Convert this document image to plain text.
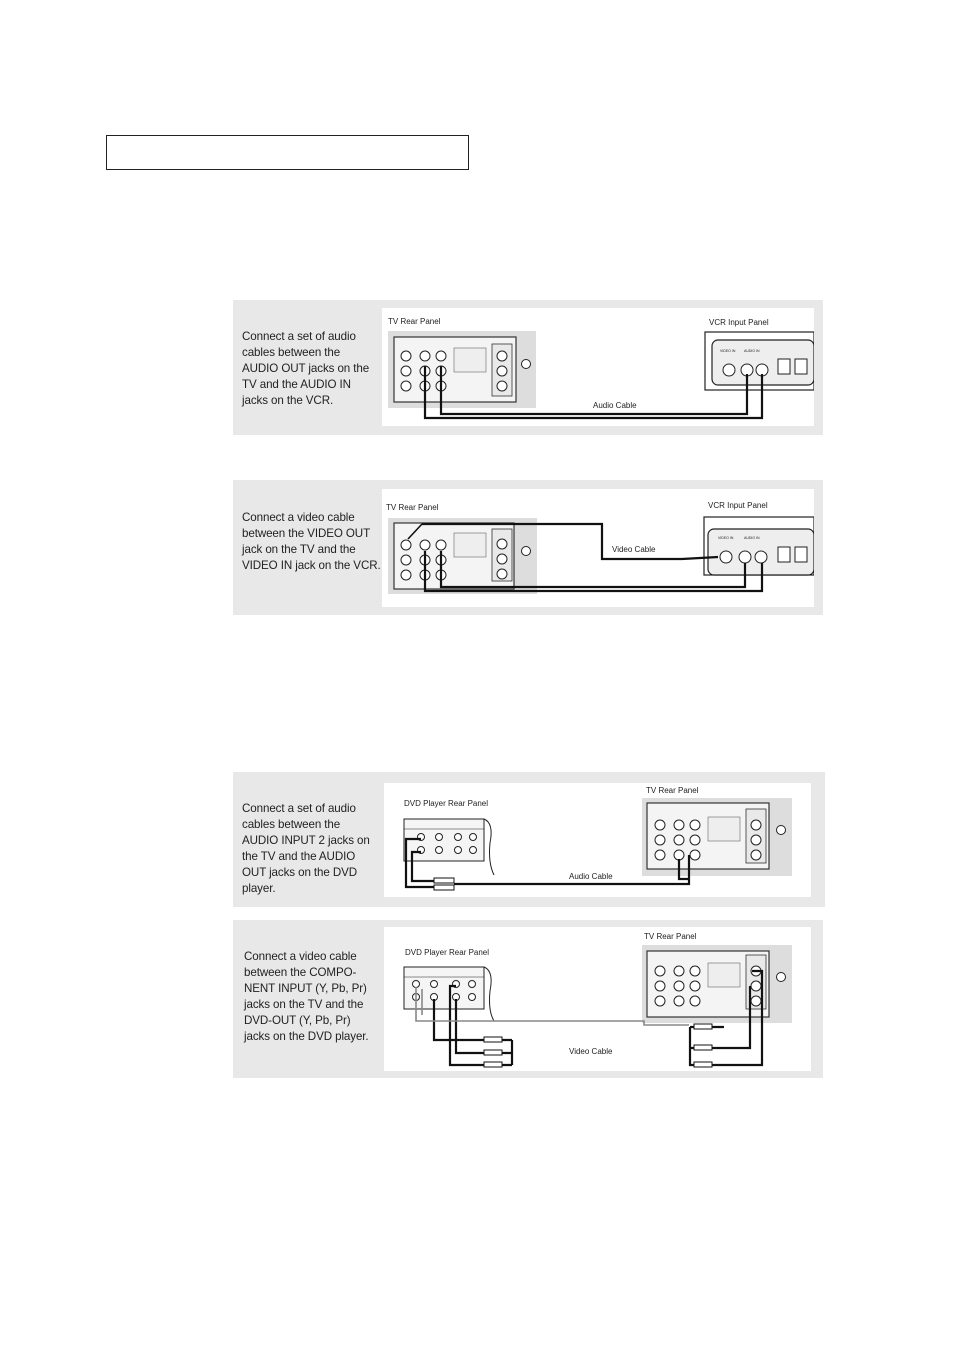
Connect a set of audio cables between the AUDIO OUT jacks on the TV and the AUDIO IN jacks on the VCR.
TV Rear Panel	VCR Input Panel
Audio Cable
VIDEO IN AUDIO IN
Connect a video cable between the VIDEO OUT jack on the TV and the VIDEO IN jack on the VCR.
TV Rear Panel	VCR Input Panel
Video Cable
VIDEO IN	AUDIO IN
Connect a set of audio cables between the AUDIO INPUT 2 jacks on the TV and the AUDIO OUT jacks on the DVD player.
DVD Player Rear Panel
TV Rear Panel
Audio Cable
Connect a video cable between the COMPO-NENT INPUT (Y, Pb, Pr) jacks on the TV and the DVD-OUT (Y, Pb, Pr) jacks on the DVD player.
DVD Player Rear Panel
TV Rear Panel
Video Cable
